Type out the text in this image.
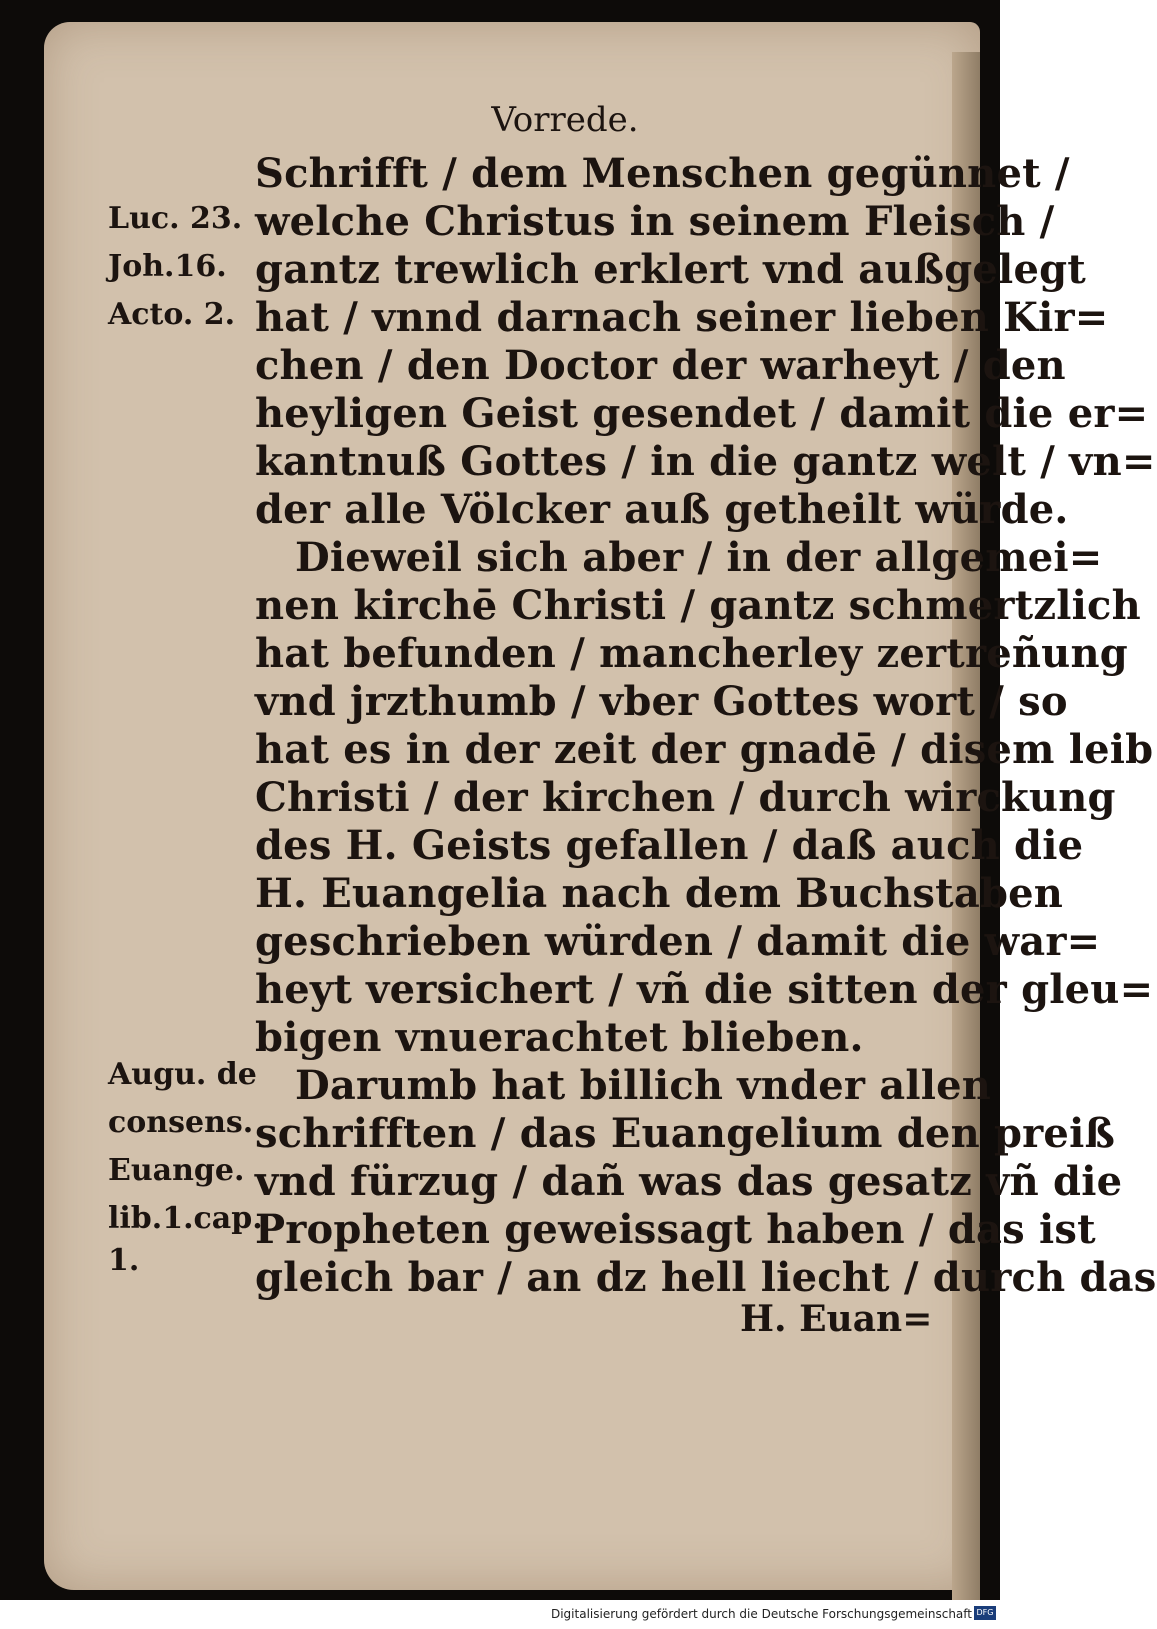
Vorrede.
Luc. 23.
Joh.16.
Acto. 2.
Augu. de
consens.
Euange.
lib.1.cap.
1.
Schrifft / dem Menschen gegünnet /
welche Christus in seinem Fleisch /
gantz trewlich erklert vnd außgelegt
hat / vnnd darnach seiner lieben Kir=
chen / den Doctor der warheyt / den
heyligen Geist gesendet / damit die er=
kantnuß Gottes / in die gantz welt / vn=
der alle Völcker auß getheilt würde.
Dieweil sich aber / in der allgemei=
nen kirchē Christi / gantz schmertzlich
hat befunden / mancherley zertreñung
vnd jrzthumb / vber Gottes wort / so
hat es in der zeit der gnadē / disem leib
Christi / der kirchen / durch wirckung
des H. Geists gefallen / daß auch die
H. Euangelia nach dem Buchstaben
geschrieben würden / damit die war=
heyt versichert / vñ die sitten der gleu=
bigen vnuerachtet blieben.
Darumb hat billich vnder allen
schrifften / das Euangelium den preiß
vnd fürzug / dañ was das gesatz vñ die
Propheten geweissagt haben / das ist
gleich bar / an dz hell liecht / durch das
H. Euan=
Digitalisierung gefördert durch die Deutsche Forschungsgemeinschaft DFG
